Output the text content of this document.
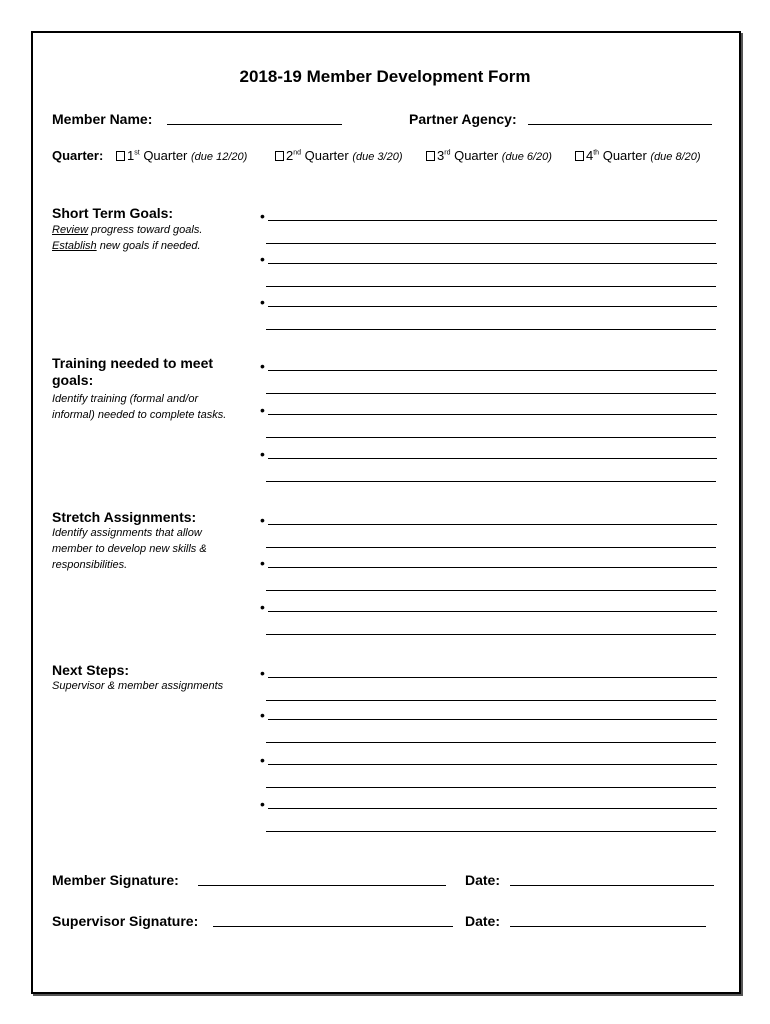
2018-19 Member Development Form
Member Name:	Partner Agency:
Quarter:	1st Quarter (due 12/20)	2nd Quarter (due 3/20)	3rd Quarter (due 6/20)	4th Quarter (due 8/20)
Short Term Goals:
Review progress toward goals.
Establish new goals if needed.
Training needed to meet goals:
Identify training (formal and/or informal) needed to complete tasks.
Stretch Assignments:
Identify assignments that allow member to develop new skills & responsibilities.
Next Steps:
Supervisor & member assignments
•
•
•
•
•
•
•
•
•
•
•
•
•
Member Signature:	Date:
Supervisor Signature:	Date:
